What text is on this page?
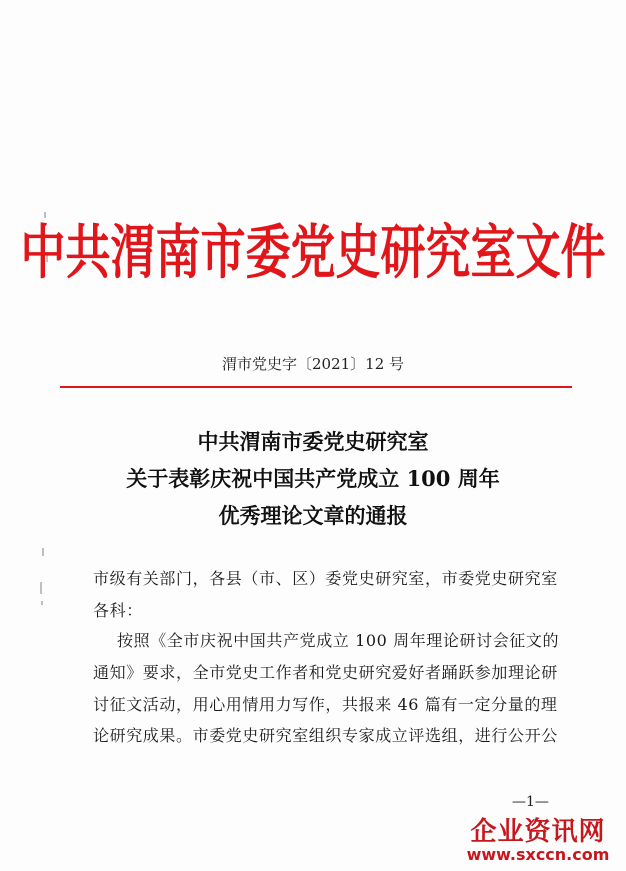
中共渭南市委党史研究室文件
渭市党史字〔2021〕12 号
中共渭南市委党史研究室
关于表彰庆祝中国共产党成立 100 周年
优秀理论文章的通报
市级有关部门，各县（市、区）委党史研究室，市委党史研究室
各科：
按照《全市庆祝中国共产党成立 100 周年理论研讨会征文的
通知》要求，全市党史工作者和党史研究爱好者踊跃参加理论研
讨征文活动，用心用情用力写作，共报来 46 篇有一定分量的理
论研究成果。市委党史研究室组织专家成立评选组，进行公开公
—1—
企业资讯网
www.sxccn.com
